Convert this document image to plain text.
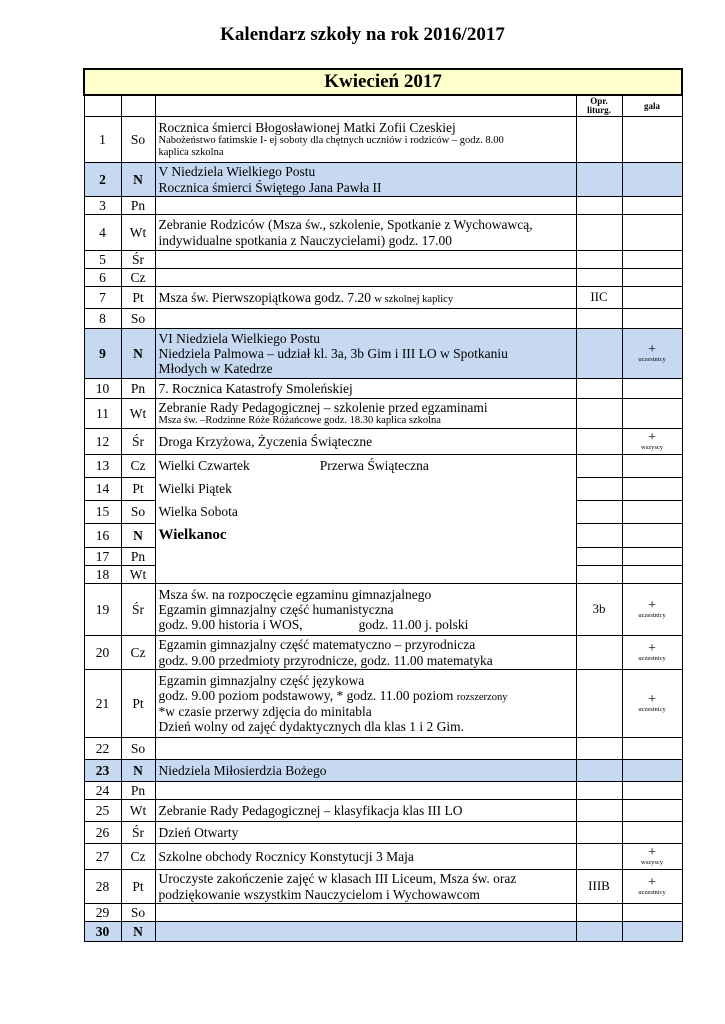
Kalendarz szkoły na rok 2016/2017
Kwiecień 2017				
			Opr.
liturg.	gala
1	So	Rocznica śmierci Błogosławionej Matki Zofii Czeskiej
Nabożeństwo fatimskie I- ej soboty dla chętnych uczniów i rodziców – godz. 8.00
kaplica szkolna		

2	N	V Niedziela Wielkiego Postu
Rocznica śmierci Świętego Jana Pawła II		

3	Pn			
4	Wt	Zebranie Rodziców (Msza św., szkolenie, Spotkanie z Wychowawcą,
indywidualne spotkania z Nauczycielami) godz. 17.00		

5	Śr			
6	Cz			
7	Pt	Msza św. Pierwszopiątkowa godz. 7.20 w szkolnej kaplicy	IIC	
8	So			
9	N	VI Niedziela Wielkiego Postu
Niedziela Palmowa – udział kl. 3a, 3b Gim i III LO w Spotkaniu
Młodych w Katedrze		+
uczestnicy

10	Pn	7. Rocznica Katastrofy Smoleńskiej		
11	Wt	Zebranie Rady Pedagogicznej – szkolenie przed egzaminami
Msza św. –Rodzinne Róże Różańcowe godz. 18.30 kaplica szkolna		

12	Śr	Droga Krzyżowa, Życzenia Świąteczne		+
wszyscy

13	Cz	Wielki Czwartek Przerwa Świąteczna		
14	Pt	Wielki Piątek		
15	So	Wielka Sobota		
16	N	Wielkanoc		
17	Pn			
18	Wt			
19	Śr	Msza św. na rozpoczęcie egzaminu gimnazjalnego
Egzamin gimnazjalny część humanistyczna
godz. 9.00 historia i WOS, godz. 11.00 j. polski	3b	+
uczestnicy

20	Cz	Egzamin gimnazjalny część matematyczno – przyrodnicza
godz. 9.00 przedmioty przyrodnicze, godz. 11.00 matematyka		+
uczestnicy

21	Pt	Egzamin gimnazjalny część językowa
godz. 9.00 poziom podstawowy, * godz. 11.00 poziom rozszerzony
*w czasie przerwy zdjęcia do minitabla
Dzień wolny od zajęć dydaktycznych dla klas 1 i 2 Gim.		+
uczestnicy

22	So			
23	N	Niedziela Miłosierdzia Bożego		
24	Pn			
25	Wt	Zebranie Rady Pedagogicznej – klasyfikacja klas III LO		
26	Śr	Dzień Otwarty		
27	Cz	Szkolne obchody Rocznicy Konstytucji 3 Maja		+
wszyscy

28	Pt	Uroczyste zakończenie zajęć w klasach III Liceum, Msza św. oraz
podziękowanie wszystkim Nauczycielom i Wychowawcom	IIIB	+
uczestnicy

29	So			
30	N			
